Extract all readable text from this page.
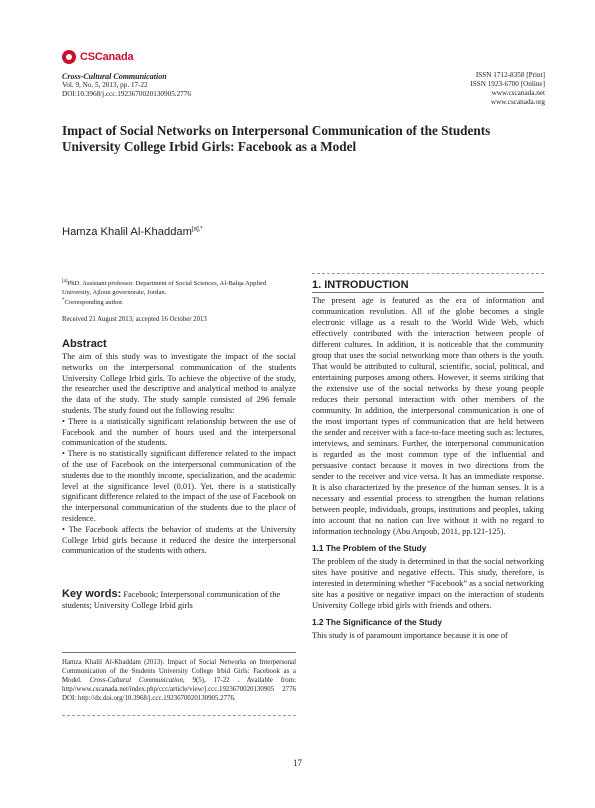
CSCanada
Cross-Cultural Communication
Vol. 9, No. 5, 2013, pp. 17-22
DOI:10.3968/j.ccc.1923670020130905.2776
ISSN 1712-8358 [Print]
ISSN 1923-6700 [Online]
www.cscanada.net
www.cscanada.org
Impact of Social Networks on Interpersonal Communication of the Students University College Irbid Girls: Facebook as a Model
Hamza Khalil Al-Khaddam$^{[a],*}$
[a]PhD. Assistant professor. Department of Social Sciences, Al-Balqa Applied University, Ajloun governorate, Jordan.
*Corresponding author.
Received 21 August 2013; accepted 16 October 2013
Abstract

The aim of this study was to investigate the impact of the social networks on the interpersonal communication of the students University College Irbid girls. To achieve the objective of the study, the researcher used the descriptive and analytical method to analyze the data of the study. The study sample consisted of 296 female students. The study found out the following results:

• There is a statistically significant relationship between the use of Facebook and the number of hours used and the interpersonal communication of the students.

• There is no statistically significant difference related to the impact of the use of Facebook on the interpersonal communication of the students due to the monthly income, specialization, and the academic level at the significance level (0.01). Yet, there is a statistically significant difference related to the impact of the use of Facebook on the interpersonal communication of the students due to the place of residence.

• The Facebook affects the behavior of students at the University College Irbid girls because it reduced the desire the interpersonal communication of the students with others.

Key words: Facebook; Interpersonal communication of the students; University College Irbid girls
Hamza Khalil Al-Khaddam (2013). Impact of Social Networks on Interpersonal Communication of the Students University College Irbid Girls: Facebook as a Model. Cross-Cultural Communication, 9(5), 17-22 . Available from: http//www.cscanada.net/index.php/ccc/article/view/j.ccc.1923670020130905 2776 DOI: http://dx.doi.org/10.3968/j.ccc.1923670020130905.2776.
1. INTRODUCTION
The present age is featured as the era of information and communication revolution. All of the globe becomes a single electronic village as a result to the World Wide Web, which effectively contributed with the interaction between people of different cultures. In addition, it is noticeable that the community group that uses the social networking more than others is the youth. That would be attributed to cultural, scientific, social, political, and entertaining purposes among others. However, it seems striking that the extensive use of the social networks by these young people reduces their personal interaction with other members of the community. In addition, the interpersonal communication is one of the most important types of communication that are held between the sender and receiver with a face-to-face meeting such as: lectures, interviews, and seminars. Further, the interpersonal communication is regarded as the most common type of the influential and persuasive contact because it moves in two directions from the sender to the receiver and vice versa. It has an immediate response. It is also characterized by the presence of the human senses. It is a necessary and essential process to strengthen the human relations between people, individuals, groups, institutions and peoples, taking into account that no nation can live without it with no regard to information technology (Abu Arqoub, 2011, pp.121-125).
1.1 The Problem of the Study
The problem of the study is determined in that the social networking sites have positive and negative effects. This study, therefore, is interested in determining whether “Facebook” as a social networking site has a positive or negative impact on the interaction of students University College irbid girls with friends and others.
1.2 The Significance of the Study
This study is of paramount importance because it is one of
17
